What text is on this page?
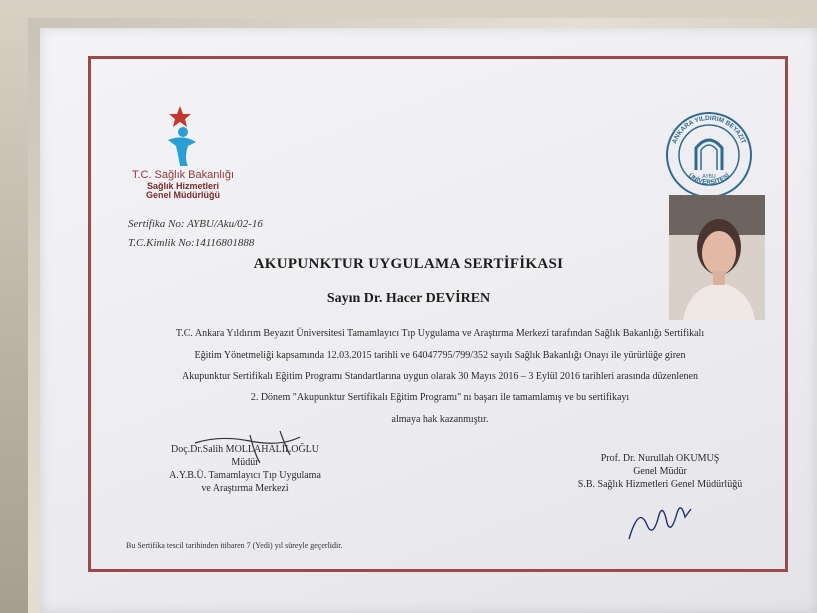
T.C. Sağlık Bakanlığı
Sağlık Hizmetleri
Genel Müdürlüğü
ANKARA YILDIRIM BEYAZIT
ÜNİVERSİTESİ
AYBU
Sertifika No: AYBU/Aku/02-16
T.C.Kimlik No:14116801888
AKUPUNKTUR UYGULAMA SERTİFİKASI
Sayın Dr. Hacer DEVİREN
T.C. Ankara Yıldırım Beyazıt Üniversitesi Tamamlayıcı Tıp Uygulama ve Araştırma Merkezi tarafından Sağlık Bakanlığı Sertifikalı
Eğitim Yönetmeliği kapsamında 12.03.2015 tarihli ve 64047795/799/352 sayılı Sağlık Bakanlığı Onayı ile yürürlüğe giren
Akupunktur Sertifikalı Eğitim Programı Standartlarına uygun olarak 30 Mayıs 2016 – 3 Eylül 2016 tarihleri arasında düzenlenen
2. Dönem "Akupunktur Sertifikalı Eğitim Programı" nı başarı ile tamamlamış ve bu sertifikayı
almaya hak kazanmıştır.
Doç.Dr.Salih MOLLAHALİLOĞLU
Müdür
A.Y.B.Ü. Tamamlayıcı Tıp Uygulama
ve Araştırma Merkezi
Prof. Dr. Nurullah OKUMUŞ
Genel Müdür
S.B. Sağlık Hizmetleri Genel Müdürlüğü
Bu Sertifika tescil tarihinden itibaren 7 (Yedi) yıl süreyle geçerlidir.
